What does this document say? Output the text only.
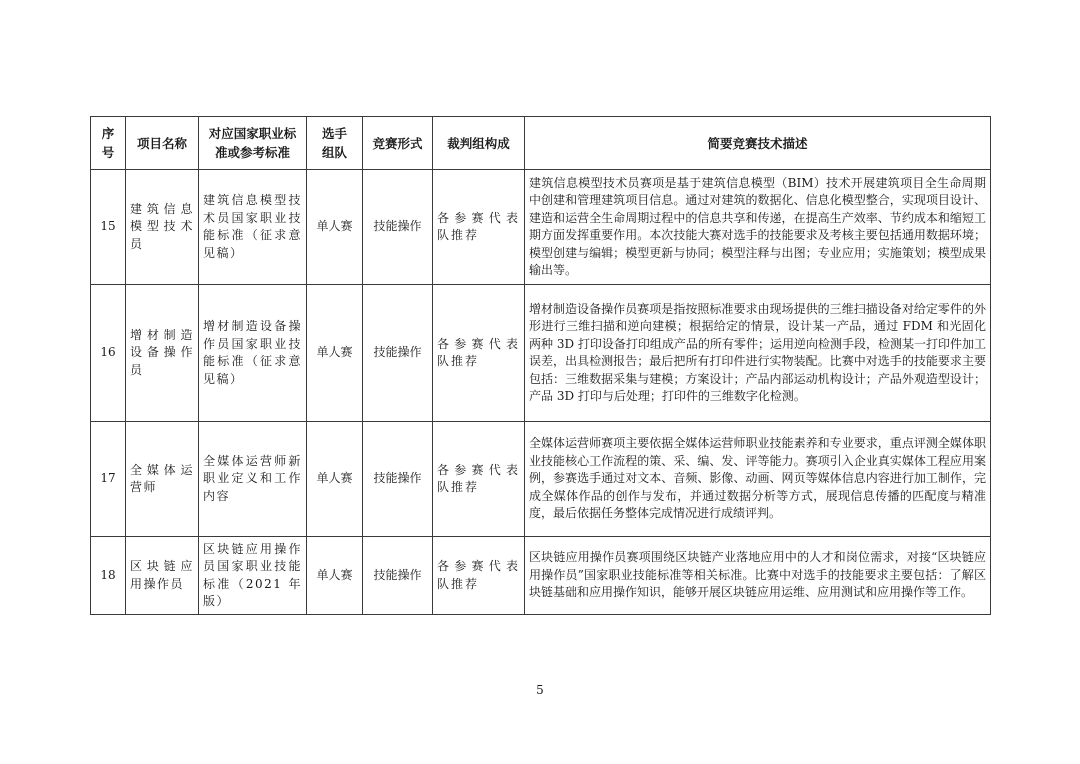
序号	项目名称	对应国家职业标准或参考标准	选手组队	竞赛形式	裁判组构成	简要竞赛技术描述
15	建筑信息模型技术员	建筑信息模型技术员国家职业技能标准（征求意见稿）	单人赛	技能操作	各参赛代表队推荐	建筑信息模型技术员赛项是基于建筑信息模型（BIM）技术开展建筑项目全生命周期中创建和管理建筑项目信息。通过对建筑的数据化、信息化模型整合，实现项目设计、建造和运营全生命周期过程中的信息共享和传递，在提高生产效率、节约成本和缩短工期方面发挥重要作用。本次技能大赛对选手的技能要求及考核主要包括通用数据环境；模型创建与编辑；模型更新与协同；模型注释与出图；专业应用；实施策划；模型成果输出等。
16	增材制造设备操作员	增材制造设备操作员国家职业技能标准（征求意见稿）	单人赛	技能操作	各参赛代表队推荐	增材制造设备操作员赛项是指按照标准要求由现场提供的三维扫描设备对给定零件的外形进行三维扫描和逆向建模；根据给定的情景，设计某一产品，通过 FDM 和光固化两种 3D 打印设备打印组成产品的所有零件；运用逆向检测手段，检测某一打印件加工误差，出具检测报告；最后把所有打印件进行实物装配。比赛中对选手的技能要求主要包括：三维数据采集与建模；方案设计；产品内部运动机构设计；产品外观造型设计；产品 3D 打印与后处理；打印件的三维数字化检测。
17	全媒体运营师	全媒体运营师新职业定义和工作内容	单人赛	技能操作	各参赛代表队推荐	全媒体运营师赛项主要依据全媒体运营师职业技能素养和专业要求，重点评测全媒体职业技能核心工作流程的策、采、编、发、评等能力。赛项引入企业真实媒体工程应用案例，参赛选手通过对文本、音频、影像、动画、网页等媒体信息内容进行加工制作，完成全媒体作品的创作与发布，并通过数据分析等方式，展现信息传播的匹配度与精准度，最后依据任务整体完成情况进行成绩评判。
18	区块链应用操作员	区块链应用操作员国家职业技能标准（2021 年版）	单人赛	技能操作	各参赛代表队推荐	区块链应用操作员赛项围绕区块链产业落地应用中的人才和岗位需求，对接“区块链应用操作员”国家职业技能标准等相关标准。比赛中对选手的技能要求主要包括：了解区块链基础和应用操作知识，能够开展区块链应用运维、应用测试和应用操作等工作。
5
